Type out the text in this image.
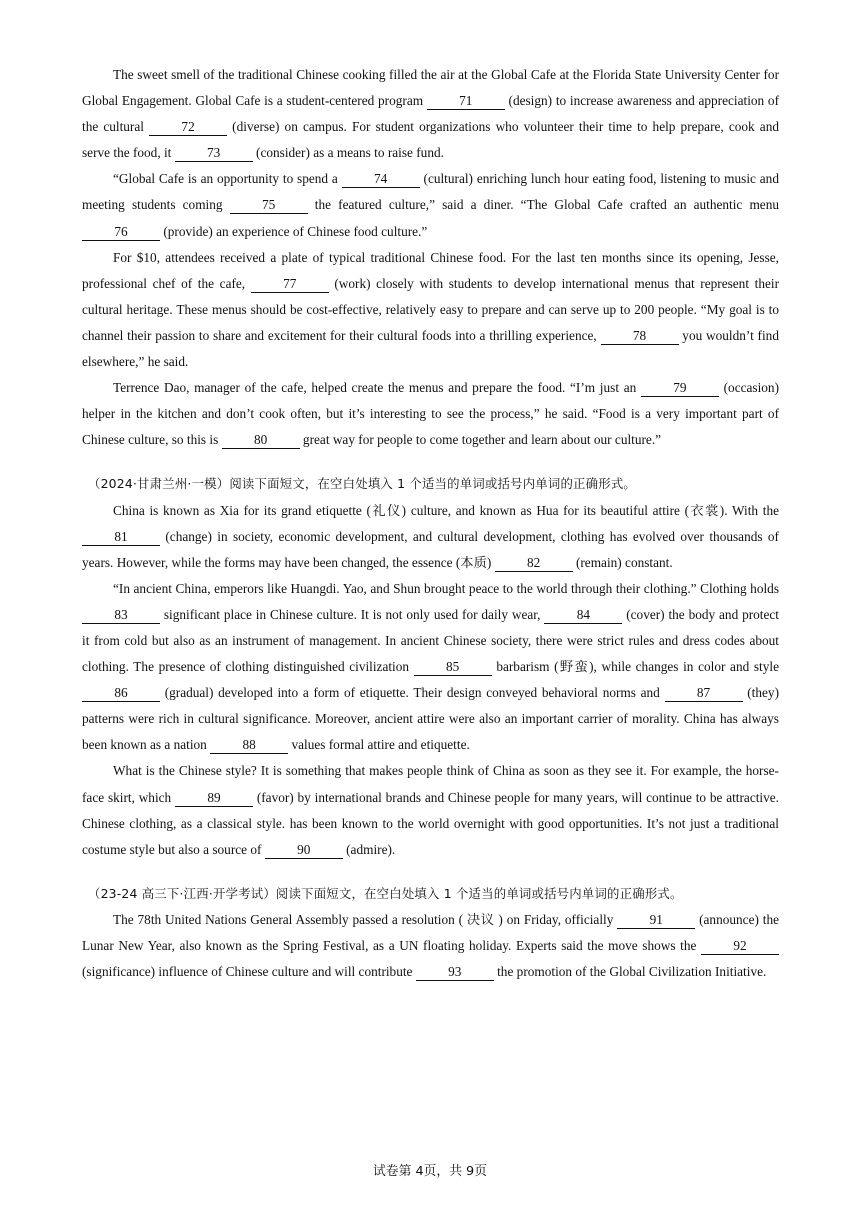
The sweet smell of the traditional Chinese cooking filled the air at the Global Cafe at the Florida State University Center for Global Engagement. Global Cafe is a student-centered program 71 (design) to increase awareness and appreciation of the cultural 72 (diverse) on campus. For student organizations who volunteer their time to help prepare, cook and serve the food, it 73 (consider) as a means to raise fund.

“Global Cafe is an opportunity to spend a 74 (cultural) enriching lunch hour eating food, listening to music and meeting students coming 75 the featured culture,” said a diner. “The Global Cafe crafted an authentic menu 76 (provide) an experience of Chinese food culture.”

For $10, attendees received a plate of typical traditional Chinese food. For the last ten months since its opening, Jesse, professional chef of the cafe, 77 (work) closely with students to develop international menus that represent their cultural heritage. These menus should be cost-effective, relatively easy to prepare and can serve up to 200 people. “My goal is to channel their passion to share and excitement for their cultural foods into a thrilling experience, 78 you wouldn’t find elsewhere,” he said.

Terrence Dao, manager of the cafe, helped create the menus and prepare the food. “I’m just an 79 (occasion) helper in the kitchen and don’t cook often, but it’s interesting to see the process,” he said. “Food is a very important part of Chinese culture, so this is 80 great way for people to come together and learn about our culture.”

（2024·甘肃兰州·一模）阅读下面短文，在空白处填入 1 个适当的单词或括号内单词的正确形式。

China is known as Xia for its grand etiquette (礼仪) culture, and known as Hua for its beautiful attire (衣裳). With the 81 (change) in society, economic development, and cultural development, clothing has evolved over thousands of years. However, while the forms may have been changed, the essence (本质) 82 (remain) constant.

“In ancient China, emperors like Huangdi. Yao, and Shun brought peace to the world through their clothing.” Clothing holds 83 significant place in Chinese culture. It is not only used for daily wear, 84 (cover) the body and protect it from cold but also as an instrument of management. In ancient Chinese society, there were strict rules and dress codes about clothing. The presence of clothing distinguished civilization 85 barbarism (野蛮), while changes in color and style 86 (gradual) developed into a form of etiquette. Their design conveyed behavioral norms and 87 (they) patterns were rich in cultural significance. Moreover, ancient attire were also an important carrier of morality. China has always been known as a nation 88 values formal attire and etiquette.

What is the Chinese style? It is something that makes people think of China as soon as they see it. For example, the horse-face skirt, which 89 (favor) by international brands and Chinese people for many years, will continue to be attractive. Chinese clothing, as a classical style. has been known to the world overnight with good opportunities. It’s not just a traditional costume style but also a source of 90 (admire).

（23-24 高三下·江西·开学考试）阅读下面短文，在空白处填入 1 个适当的单词或括号内单词的正确形式。

The 78th United Nations General Assembly passed a resolution ( 决议 ) on Friday, officially 91 (announce) the Lunar New Year, also known as the Spring Festival, as a UN floating holiday. Experts said the move shows the 92 (significance) influence of Chinese culture and will contribute 93 the promotion of the Global Civilization Initiative.

试卷第 4页，共 9页
